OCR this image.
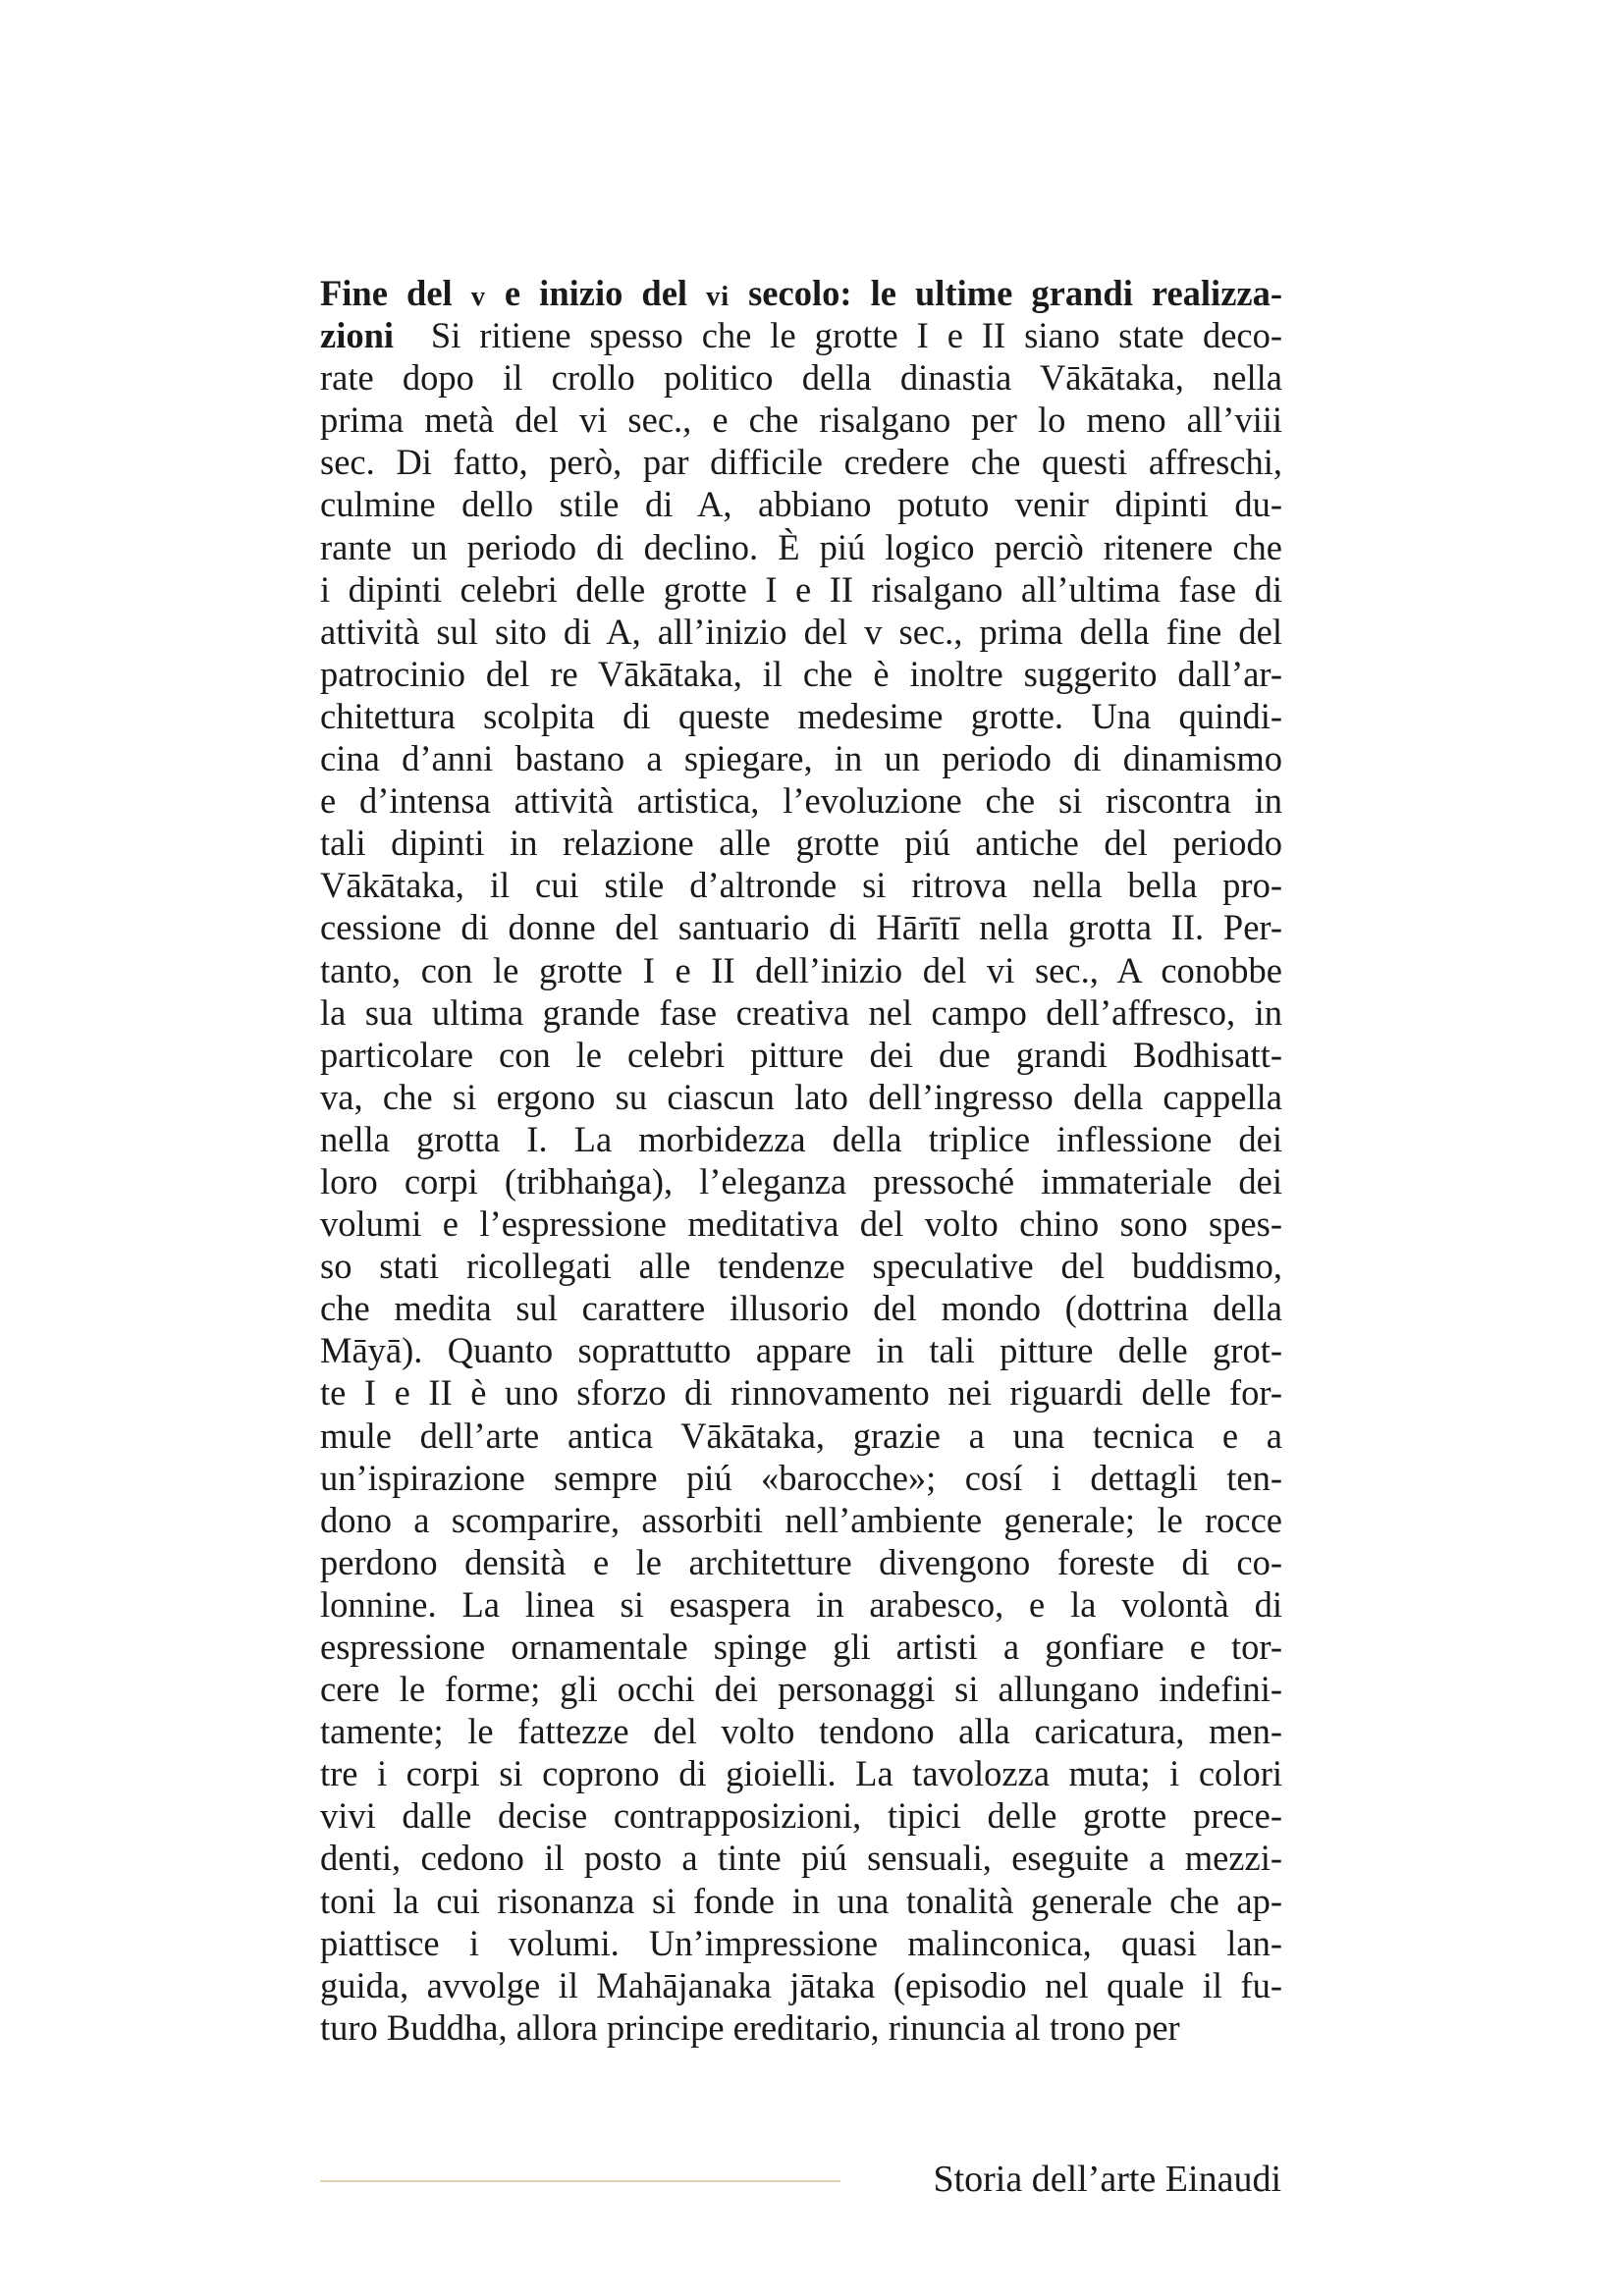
Fine del v e inizio del vi secolo: le ultime grandi realizza-
zioni Si ritiene spesso che le grotte I e II siano state deco-
rate dopo il crollo politico della dinastia Vākātaka, nella
prima metà del vi sec., e che risalgano per lo meno all’viii
sec. Di fatto, però, par difficile credere che questi affreschi,
culmine dello stile di A, abbiano potuto venir dipinti du-
rante un periodo di declino. È piú logico perciò ritenere che
i dipinti celebri delle grotte I e II risalgano all’ultima fase di
attività sul sito di A, all’inizio del v sec., prima della fine del
patrocinio del re Vākātaka, il che è inoltre suggerito dall’ar-
chitettura scolpita di queste medesime grotte. Una quindi-
cina d’anni bastano a spiegare, in un periodo di dinamismo
e d’intensa attività artistica, l’evoluzione che si riscontra in
tali dipinti in relazione alle grotte piú antiche del periodo
Vākātaka, il cui stile d’altronde si ritrova nella bella pro-
cessione di donne del santuario di Hārītī nella grotta II. Per-
tanto, con le grotte I e II dell’inizio del vi sec., A conobbe
la sua ultima grande fase creativa nel campo dell’affresco, in
particolare con le celebri pitture dei due grandi Bodhisatt-
va, che si ergono su ciascun lato dell’ingresso della cappella
nella grotta I. La morbidezza della triplice inflessione dei
loro corpi (tribhaṅga), l’eleganza pressoché immateriale dei
volumi e l’espressione meditativa del volto chino sono spes-
so stati ricollegati alle tendenze speculative del buddismo,
che medita sul carattere illusorio del mondo (dottrina della
Māyā). Quanto soprattutto appare in tali pitture delle grot-
te I e II è uno sforzo di rinnovamento nei riguardi delle for-
mule dell’arte antica Vākātaka, grazie a una tecnica e a
un’ispirazione sempre piú «barocche»; cosí i dettagli ten-
dono a scomparire, assorbiti nell’ambiente generale; le rocce
perdono densità e le architetture divengono foreste di co-
lonnine. La linea si esaspera in arabesco, e la volontà di
espressione ornamentale spinge gli artisti a gonfiare e tor-
cere le forme; gli occhi dei personaggi si allungano indefini-
tamente; le fattezze del volto tendono alla caricatura, men-
tre i corpi si coprono di gioielli. La tavolozza muta; i colori
vivi dalle decise contrapposizioni, tipici delle grotte prece-
denti, cedono il posto a tinte piú sensuali, eseguite a mezzi-
toni la cui risonanza si fonde in una tonalità generale che ap-
piattisce i volumi. Un’impressione malinconica, quasi lan-
guida, avvolge il Mahājanaka jātaka (episodio nel quale il fu-
turo Buddha, allora principe ereditario, rinuncia al trono per
Storia dell’arte Einaudi
